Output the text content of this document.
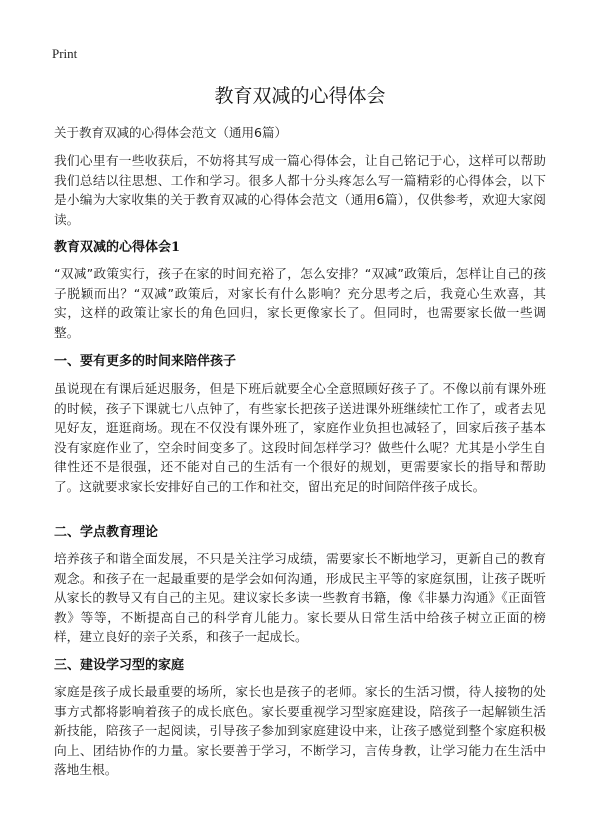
Print
教育双减的心得体会
关于教育双减的心得体会范文（通用6篇）

我们心里有一些收获后，不妨将其写成一篇心得体会，让自己铭记于心，这样可以帮助我们总结以往思想、工作和学习。很多人都十分头疼怎么写一篇精彩的心得体会，以下是小编为大家收集的关于教育双减的心得体会范文（通用6篇），仅供参考，欢迎大家阅读。

教育双减的心得体会1

“双减”政策实行，孩子在家的时间充裕了，怎么安排？“双减”政策后，怎样让自己的孩子脱颖而出？“双减”政策后，对家长有什么影响？充分思考之后，我竟心生欢喜，其实，这样的政策让家长的角色回归，家长更像家长了。但同时，也需要家长做一些调整。

一、要有更多的时间来陪伴孩子

虽说现在有课后延迟服务，但是下班后就要全心全意照顾好孩子了。不像以前有课外班的时候，孩子下课就七八点钟了，有些家长把孩子送进课外班继续忙工作了，或者去见见好友，逛逛商场。现在不仅没有课外班了，家庭作业负担也减轻了，回家后孩子基本没有家庭作业了，空余时间变多了。这段时间怎样学习？做些什么呢？尤其是小学生自律性还不是很强，还不能对自己的生活有一个很好的规划，更需要家长的指导和帮助了。这就要求家长安排好自己的工作和社交，留出充足的时间陪伴孩子成长。

二、学点教育理论

培养孩子和谐全面发展，不只是关注学习成绩，需要家长不断地学习，更新自己的教育观念。和孩子在一起最重要的是学会如何沟通，形成民主平等的家庭氛围，让孩子既听从家长的教导又有自己的主见。建议家长多读一些教育书籍，像《非暴力沟通》《正面管教》等等，不断提高自己的科学育儿能力。家长要从日常生活中给孩子树立正面的榜样，建立良好的亲子关系，和孩子一起成长。

三、建设学习型的家庭

家庭是孩子成长最重要的场所，家长也是孩子的老师。家长的生活习惯，待人接物的处事方式都将影响着孩子的成长底色。家长要重视学习型家庭建设，陪孩子一起解锁生活新技能，陪孩子一起阅读，引导孩子参加到家庭建设中来，让孩子感觉到整个家庭积极向上、团结协作的力量。家长要善于学习，不断学习，言传身教，让学习能力在生活中落地生根。
